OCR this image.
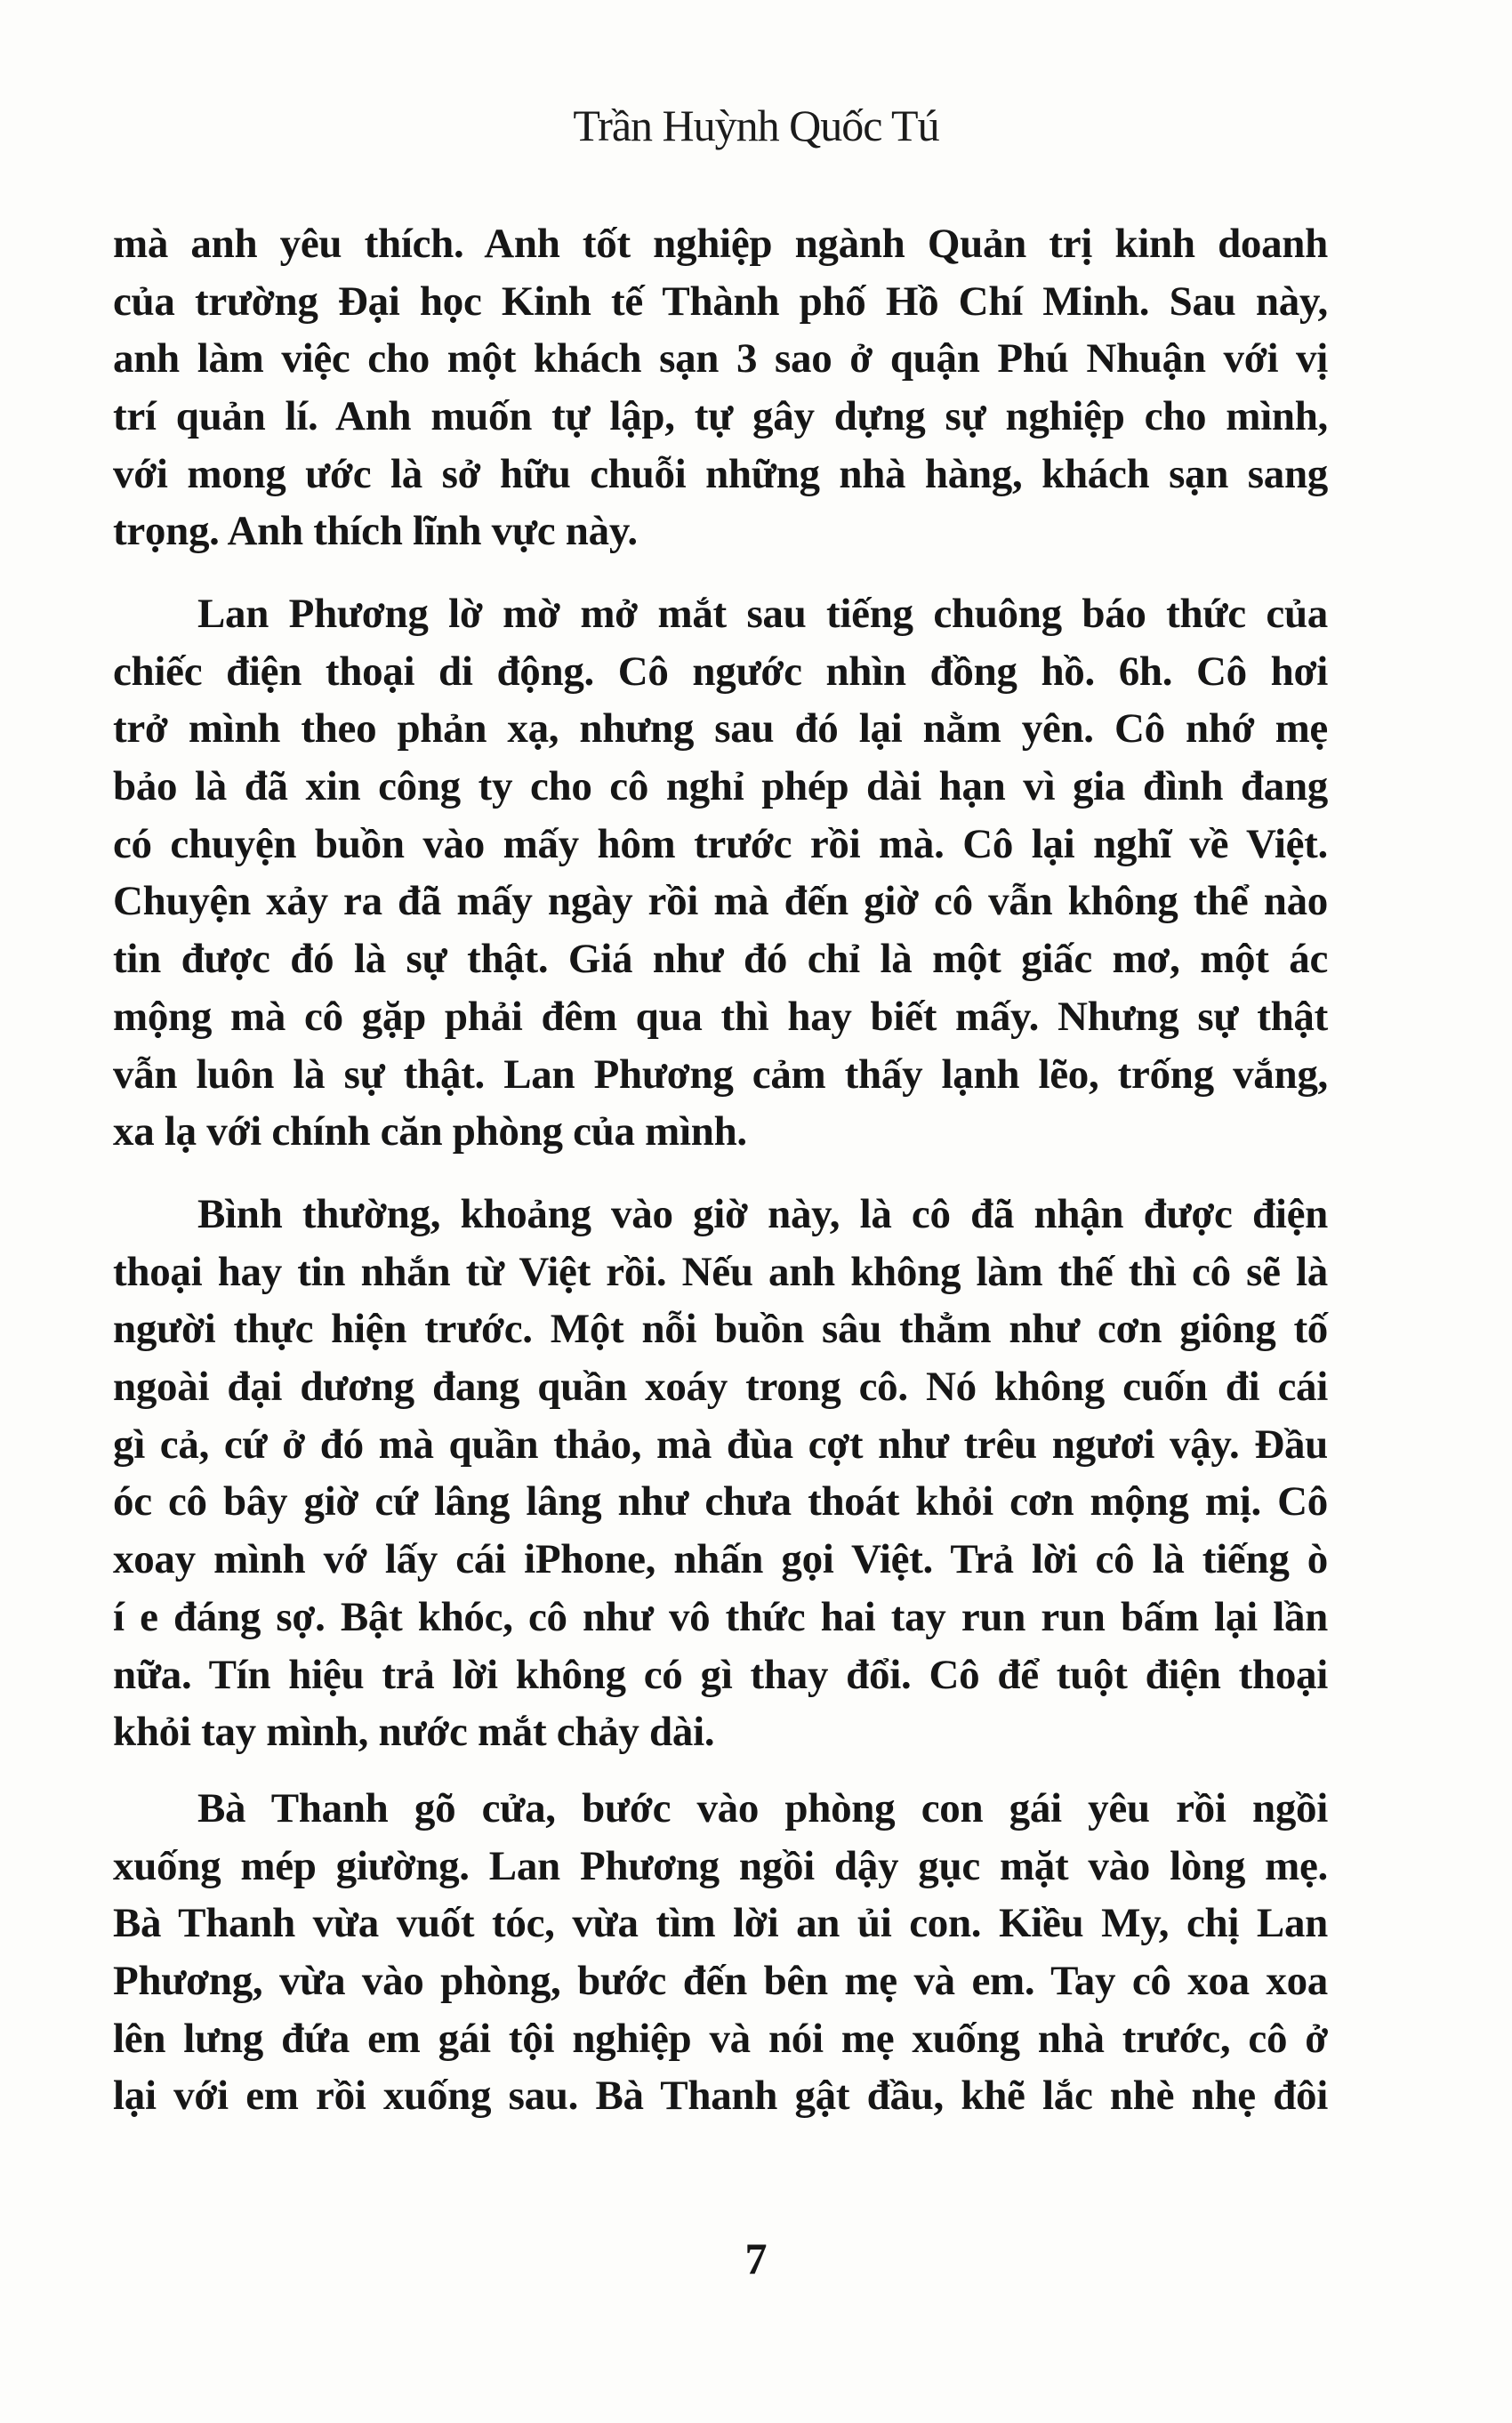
Trần Huỳnh Quốc Tú
mà anh yêu thích. Anh tốt nghiệp ngành Quản trị kinh doanh
của trường Đại học Kinh tế Thành phố Hồ Chí Minh. Sau này,
anh làm việc cho một khách sạn 3 sao ở quận Phú Nhuận với vị
trí quản lí. Anh muốn tự lập, tự gây dựng sự nghiệp cho mình,
với mong ước là sở hữu chuỗi những nhà hàng, khách sạn sang
trọng. Anh thích lĩnh vực này.
Lan Phương lờ mờ mở mắt sau tiếng chuông báo thức của
chiếc điện thoại di động. Cô ngước nhìn đồng hồ. 6h. Cô hơi
trở mình theo phản xạ, nhưng sau đó lại nằm yên. Cô nhớ mẹ
bảo là đã xin công ty cho cô nghỉ phép dài hạn vì gia đình đang
có chuyện buồn vào mấy hôm trước rồi mà. Cô lại nghĩ về Việt.
Chuyện xảy ra đã mấy ngày rồi mà đến giờ cô vẫn không thể nào
tin được đó là sự thật. Giá như đó chỉ là một giấc mơ, một ác
mộng mà cô gặp phải đêm qua thì hay biết mấy. Nhưng sự thật
vẫn luôn là sự thật. Lan Phương cảm thấy lạnh lẽo, trống vắng,
xa lạ với chính căn phòng của mình.
Bình thường, khoảng vào giờ này, là cô đã nhận được điện
thoại hay tin nhắn từ Việt rồi. Nếu anh không làm thế thì cô sẽ là
người thực hiện trước. Một nỗi buồn sâu thẳm như cơn giông tố
ngoài đại dương đang quần xoáy trong cô. Nó không cuốn đi cái
gì cả, cứ ở đó mà quần thảo, mà đùa cợt như trêu ngươi vậy. Đầu
óc cô bây giờ cứ lâng lâng như chưa thoát khỏi cơn mộng mị. Cô
xoay mình vớ lấy cái iPhone, nhấn gọi Việt. Trả lời cô là tiếng ò
í e đáng sợ. Bật khóc, cô như vô thức hai tay run run bấm lại lần
nữa. Tín hiệu trả lời không có gì thay đổi. Cô để tuột điện thoại
khỏi tay mình, nước mắt chảy dài.
Bà Thanh gõ cửa, bước vào phòng con gái yêu rồi ngồi
xuống mép giường. Lan Phương ngồi dậy gục mặt vào lòng mẹ.
Bà Thanh vừa vuốt tóc, vừa tìm lời an ủi con. Kiều My, chị Lan
Phương, vừa vào phòng, bước đến bên mẹ và em. Tay cô xoa xoa
lên lưng đứa em gái tội nghiệp và nói mẹ xuống nhà trước, cô ở
lại với em rồi xuống sau. Bà Thanh gật đầu, khẽ lắc nhè nhẹ đôi
7
